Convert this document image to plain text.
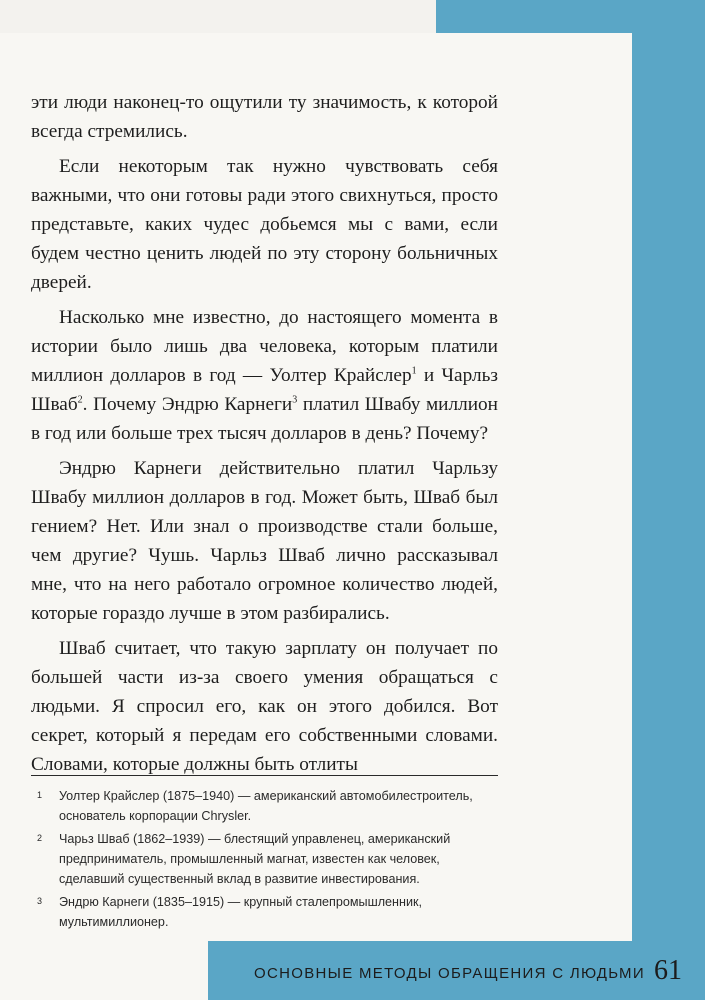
эти люди наконец-то ощутили ту значимость, к которой всегда стремились.

Если некоторым так нужно чувствовать себя важными, что они готовы ради этого свихнуться, просто представьте, каких чудес добьемся мы с вами, если будем честно ценить людей по эту сторону больничных дверей.

Насколько мне известно, до настоящего момента в истории было лишь два человека, которым платили миллион долларов в год — Уолтер Крайслер$^1$ и Чарльз Шваб$^2$. Почему Эндрю Карнеги$^3$ платил Швабу миллион в год или больше трех тысяч долларов в день? Почему?

Эндрю Карнеги действительно платил Чарльзу Швабу миллион долларов в год. Может быть, Шваб был гением? Нет. Или знал о производстве стали больше, чем другие? Чушь. Чарльз Шваб лично рассказывал мне, что на него работало огромное количество людей, которые гораздо лучше в этом разбирались.

Шваб считает, что такую зарплату он получает по большей части из-за своего умения обращаться с людьми. Я спросил его, как он этого добился. Вот секрет, который я передам его собственными словами. Словами, которые должны быть отлиты

1 Уолтер Крайслер (1875–1940) — американский автомобилестроитель, основатель корпорации Chrysler.
2 Чарьз Шваб (1862–1939) — блестящий управленец, американский предприниматель, промышленный магнат, известен как человек, сделавший существенный вклад в развитие инвестирования.
3 Эндрю Карнеги (1835–1915) — крупный сталепромышленник, мультимиллионер.
ОСНОВНЫЕ МЕТОДЫ ОБРАЩЕНИЯ С ЛЮДЬМИ 61
